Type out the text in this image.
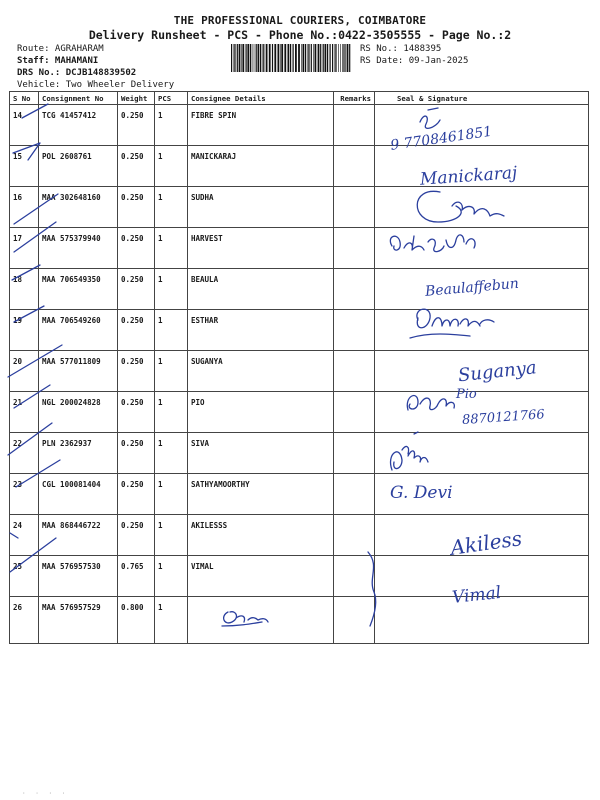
THE PROFESSIONAL COURIERS, COIMBATORE
Delivery Runsheet - PCS - Phone No.:0422-3505555 - Page No.:2
Route: AGRAHARAM
Staff: MAHAMANI
DRS No.: DCJB148839502
Vehicle: Two Wheeler Delivery
RS No.: 1488395
RS Date: 09-Jan-2025
S No	Consignment No	Weight	PCS	Consignee Details	Remarks	Seal & Signature
14	TCG 41457412	0.250	1	FIBRE SPIN		
15	POL 2608761	0.250	1	MANICKARAJ		
16	MAA 302648160	0.250	1	SUDHA		
17	MAA 575379940	0.250	1	HARVEST		
18	MAA 706549350	0.250	1	BEAULA		
19	MAA 706549260	0.250	1	ESTHAR		
20	MAA 577011809	0.250	1	SUGANYA		
21	NGL 200024828	0.250	1	PIO		
22	PLN 2362937	0.250	1	SIVA		
23	CGL 100081404	0.250	1	SATHYAMOORTHY		
24	MAA 868446722	0.250	1	AKILESSS		
25	MAA 576957530	0.765	1	VIMAL		
26	MAA 576957529	0.800	1			
9 7708461851
Manickaraj
Beaulaffebun
Suganya
Pio
8870121766
G. Devi
Akiless
Vimal
· · · ·
